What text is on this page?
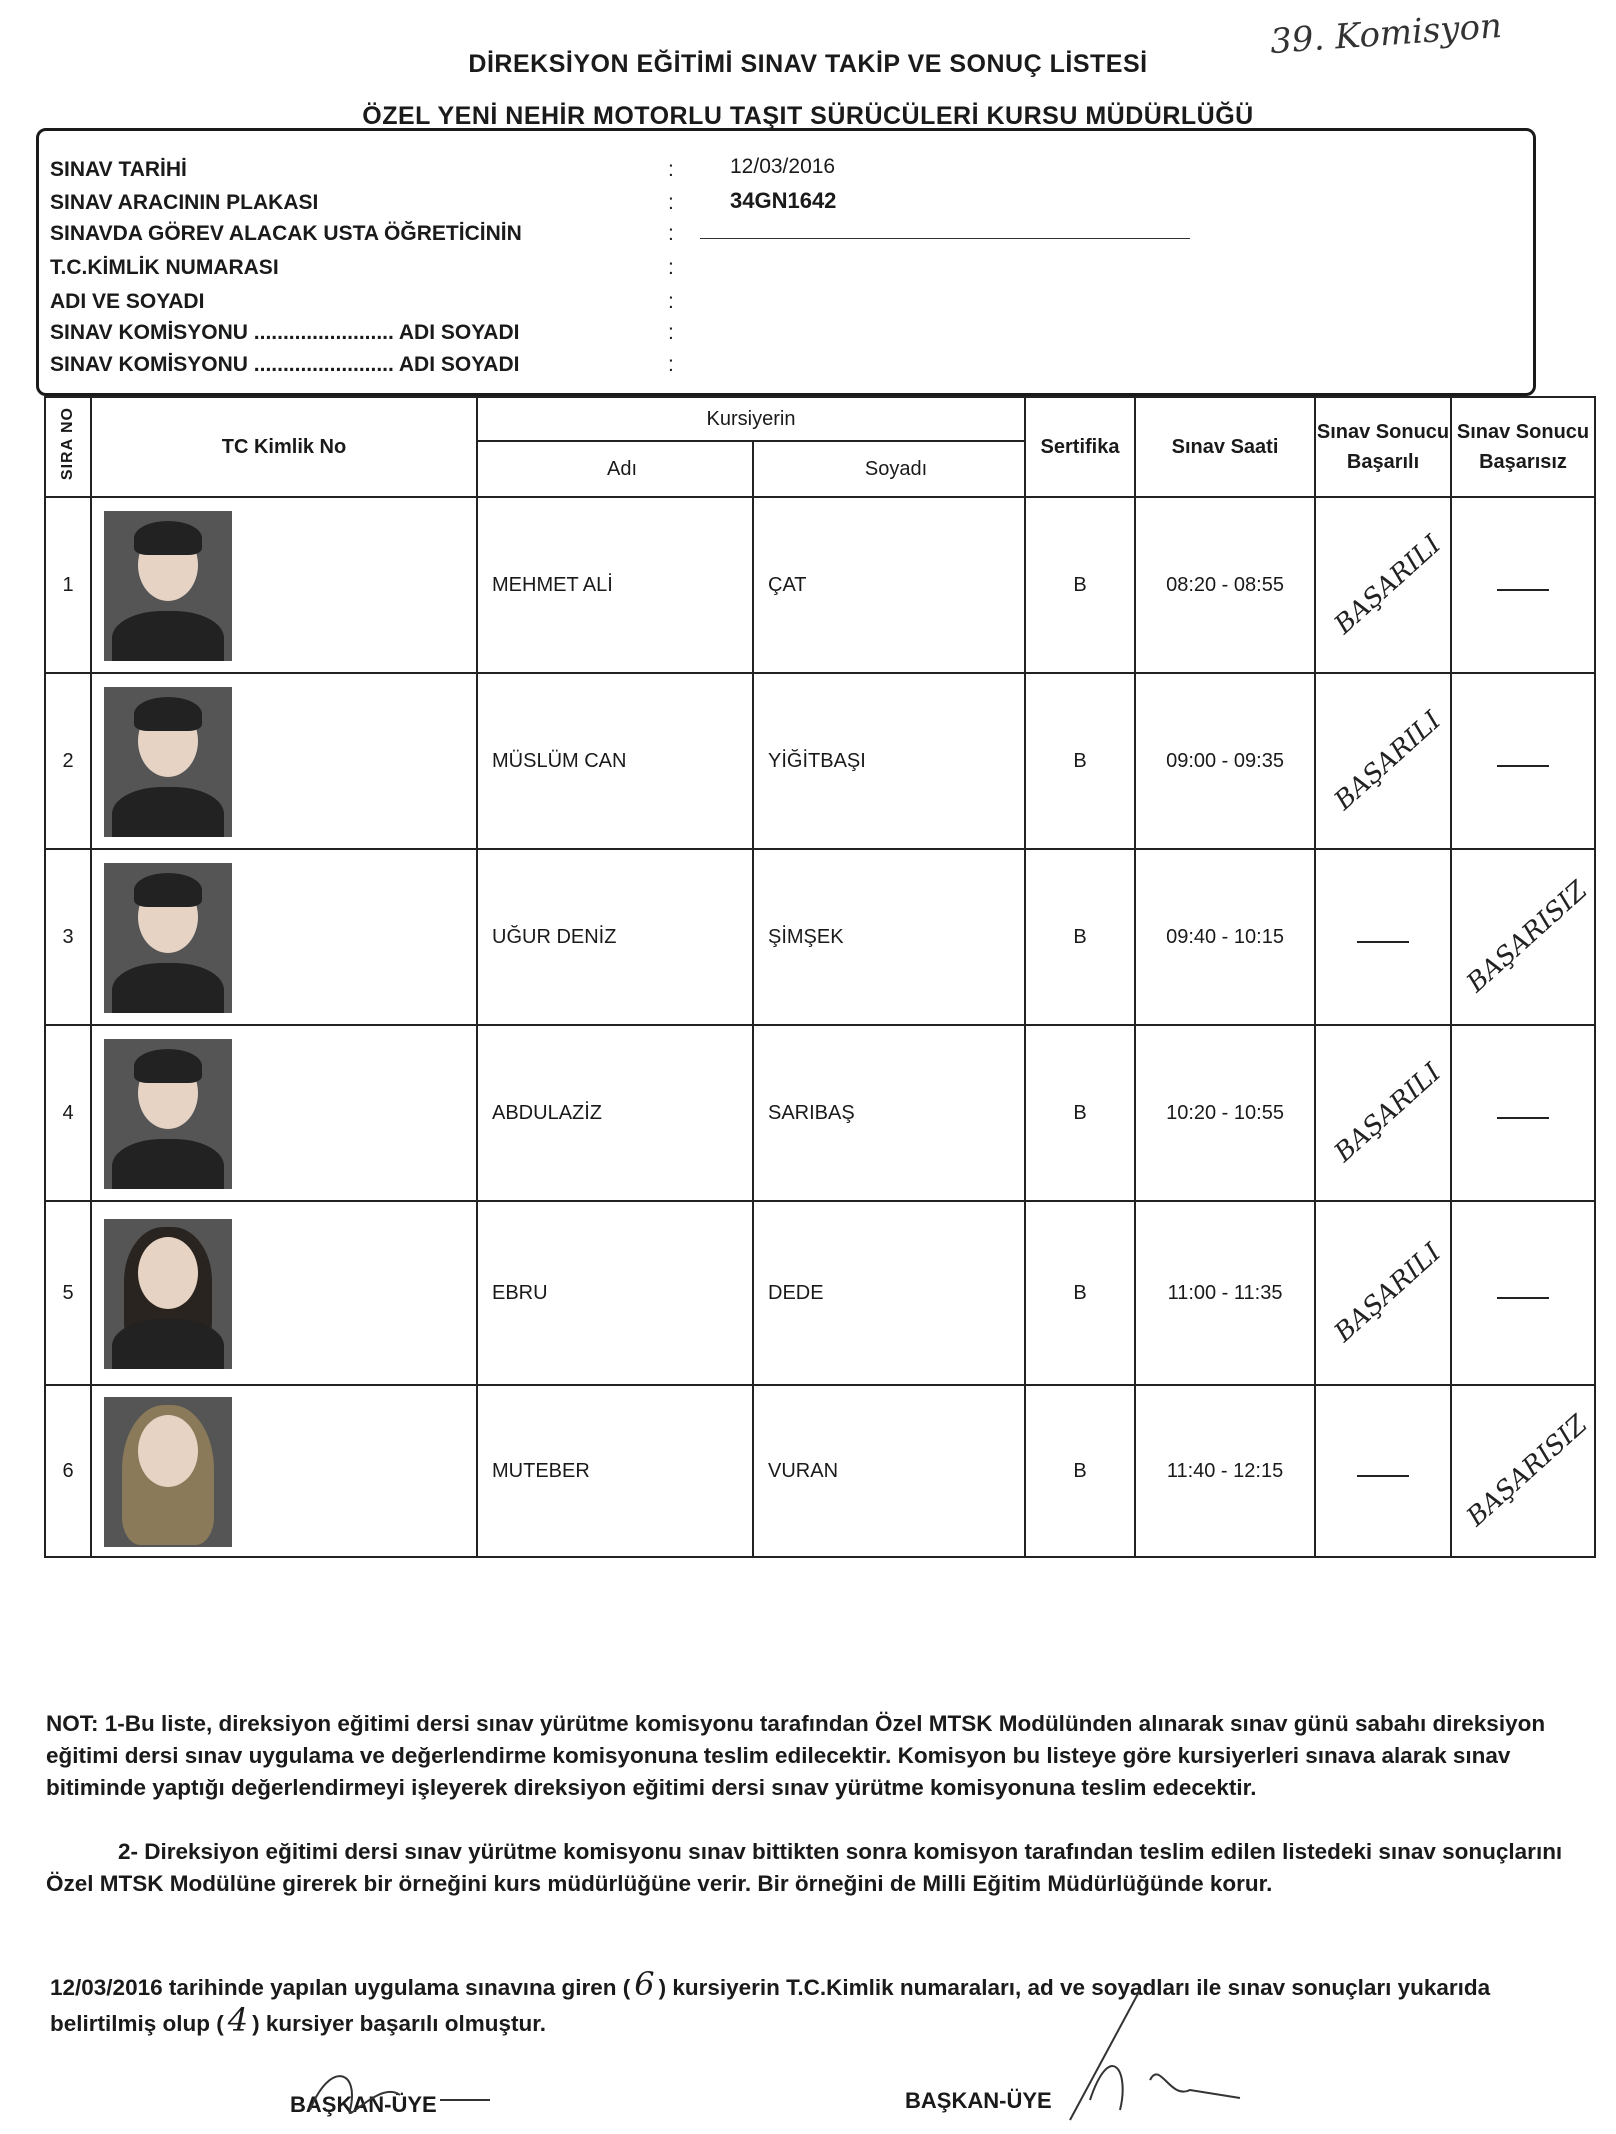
DİREKSİYON EĞİTİMİ SINAV TAKİP VE SONUÇ LİSTESİ
ÖZEL YENİ NEHİR MOTORLU TAŞIT SÜRÜCÜLERİ KURSU MÜDÜRLÜĞÜ
39. Komisyon
SINAV TARİHİ	:	12/03/2016
SINAV ARACININ PLAKASI	:	34GN1642
SINAVDA GÖREV ALACAK USTA ÖĞRETİCİNİN	:
T.C.KİMLİK NUMARASI	:
ADI VE SOYADI	:
SINAV KOMİSYONU ........................ ADI SOYADI	:
SINAV KOMİSYONU ........................ ADI SOYADI	:
SIRA NO	TC Kimlik No	Kursiyerin		Sertifika	Sınav Saati	Sınav Sonucu Başarılı	Sınav Sonucu Başarısız
		Adı	Soyadı				
1		MEHMET ALİ	ÇAT	B	08:20 - 08:55	BAŞARILI	

2		MÜSLÜM CAN	YİĞİTBAŞI	B	09:00 - 09:35	BAŞARILI	

3		UĞUR DENİZ	ŞİMŞEK	B	09:40 - 10:15		BAŞARISIZ

4		ABDULAZİZ	SARIBAŞ	B	10:20 - 10:55	BAŞARILI	

5		EBRU	DEDE	B	11:00 - 11:35	BAŞARILI	

6		MUTEBER	VURAN	B	11:40 - 12:15		BAŞARISIZ

NOT: 1-Bu liste, direksiyon eğitimi dersi sınav yürütme komisyonu tarafından Özel MTSK Modülünden alınarak sınav günü sabahı direksiyon eğitimi dersi sınav uygulama ve değerlendirme komisyonuna teslim edilecektir. Komisyon bu listeye göre kursiyerleri sınava alarak sınav bitiminde yaptığı değerlendirmeyi işleyerek direksiyon eğitimi dersi sınav yürütme komisyonuna teslim edecektir.

2- Direksiyon eğitimi dersi sınav yürütme komisyonu sınav bittikten sonra komisyon tarafından teslim edilen listedeki sınav sonuçlarını Özel MTSK Modülüne girerek bir örneğini kurs müdürlüğüne verir. Bir örneğini de Milli Eğitim Müdürlüğünde korur.

12/03/2016 tarihinde yapılan uygulama sınavına giren ( 6 ) kursiyerin T.C.Kimlik numaraları, ad ve soyadları ile sınav sonuçları yukarıda belirtilmiş olup ( 4 ) kursiyer başarılı olmuştur.
BAŞKAN-ÜYE	BAŞKAN-ÜYE
